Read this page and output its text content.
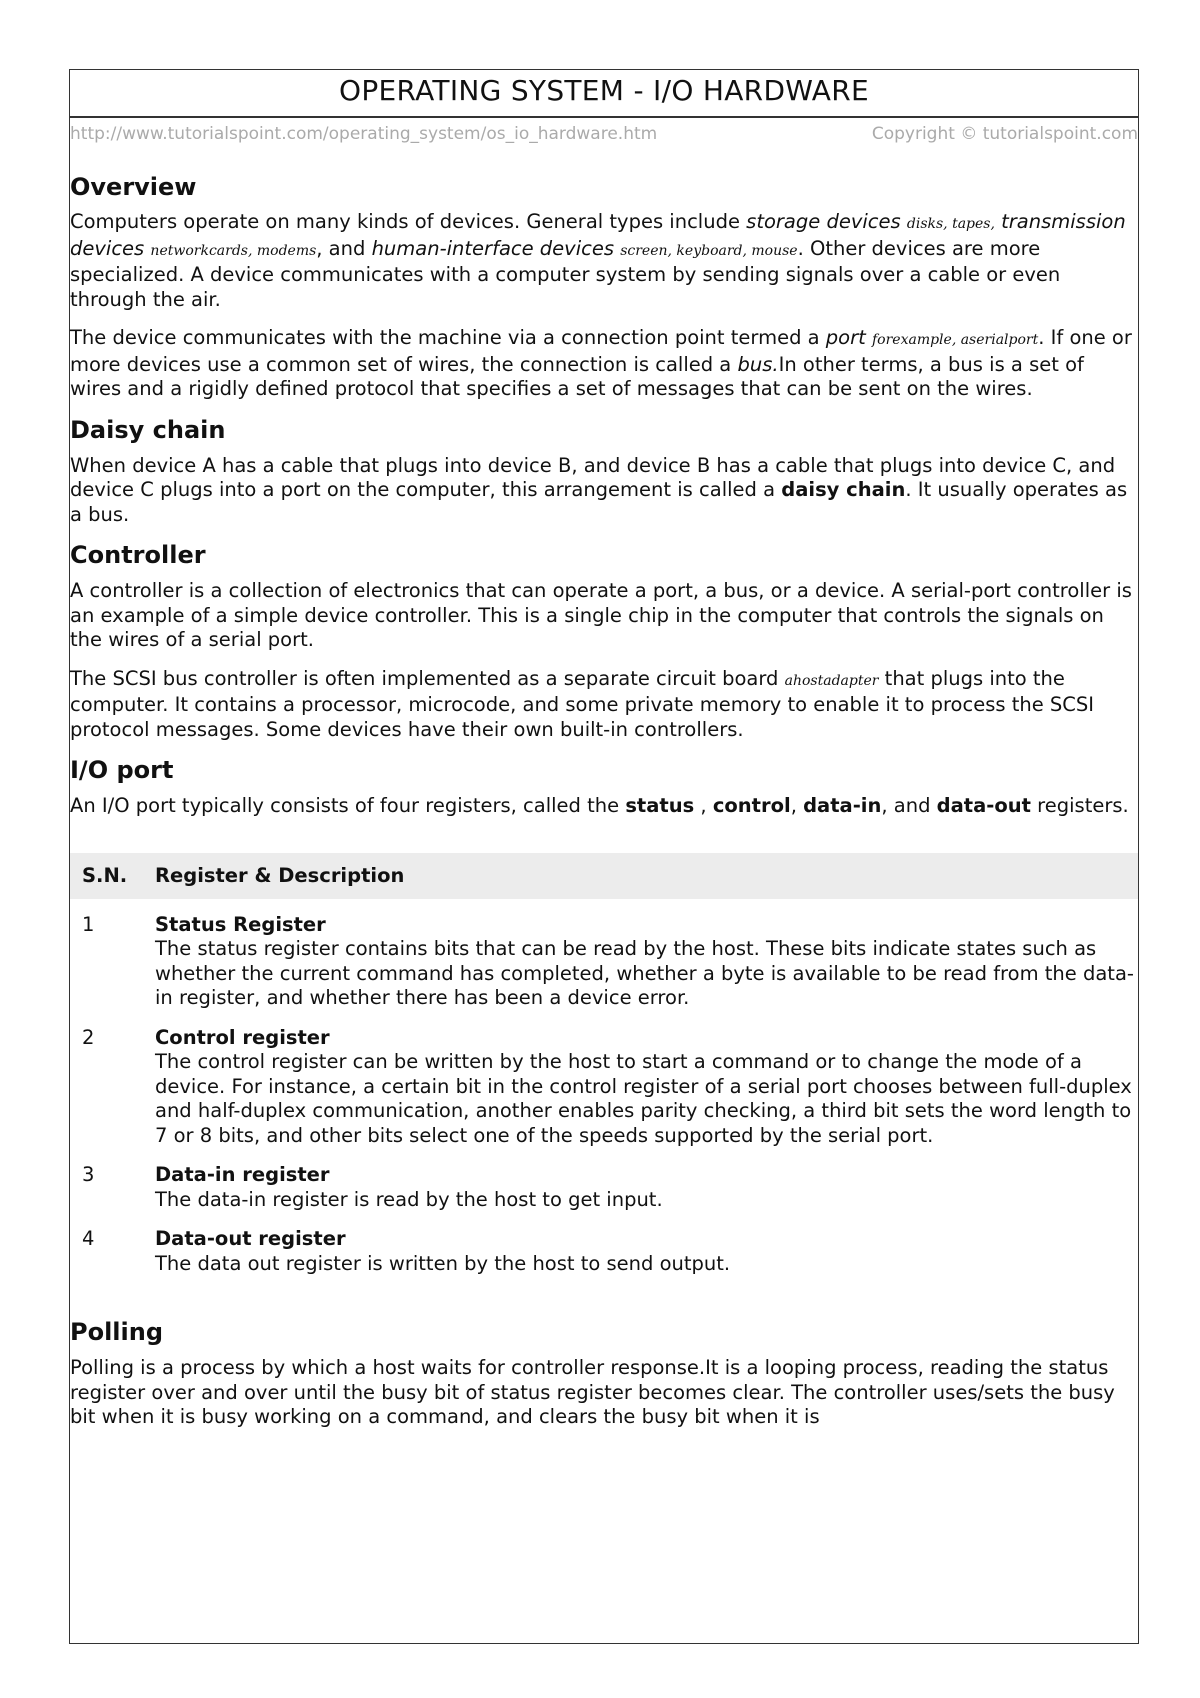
OPERATING SYSTEM - I/O HARDWARE
http://www.tutorialspoint.com/operating_system/os_io_hardware.htm	Copyright © tutorialspoint.com
Overview

Computers operate on many kinds of devices. General types include storage devices disks, tapes, transmission devices networkcards, modems, and human-interface devices screen, keyboard, mouse. Other devices are more specialized. A device communicates with a computer system by sending signals over a cable or even through the air.

The device communicates with the machine via a connection point termed a port forexample, aserialport. If one or more devices use a common set of wires, the connection is called a bus.In other terms, a bus is a set of wires and a rigidly defined protocol that specifies a set of messages that can be sent on the wires.

Daisy chain

When device A has a cable that plugs into device B, and device B has a cable that plugs into device C, and device C plugs into a port on the computer, this arrangement is called a daisy chain. It usually operates as a bus.

Controller

A controller is a collection of electronics that can operate a port, a bus, or a device. A serial-port controller is an example of a simple device controller. This is a single chip in the computer that controls the signals on the wires of a serial port.

The SCSI bus controller is often implemented as a separate circuit board ahostadapter that plugs into the computer. It contains a processor, microcode, and some private memory to enable it to process the SCSI protocol messages. Some devices have their own built-in controllers.

I/O port

An I/O port typically consists of four registers, called the status , control, data-in, and data-out registers.

S.N. Register & Description
1	Status Register
The status register contains bits that can be read by the host. These bits indicate states such as whether the current command has completed, whether a byte is available to be read from the data-in register, and whether there has been a device error.
2	Control register
The control register can be written by the host to start a command or to change the mode of a device. For instance, a certain bit in the control register of a serial port chooses between full-duplex and half-duplex communication, another enables parity checking, a third bit sets the word length to 7 or 8 bits, and other bits select one of the speeds supported by the serial port.
3	Data-in register
The data-in register is read by the host to get input.
4	Data-out register
The data out register is written by the host to send output.
Polling

Polling is a process by which a host waits for controller response.It is a looping process, reading the status register over and over until the busy bit of status register becomes clear. The controller uses/sets the busy bit when it is busy working on a command, and clears the busy bit when it is
